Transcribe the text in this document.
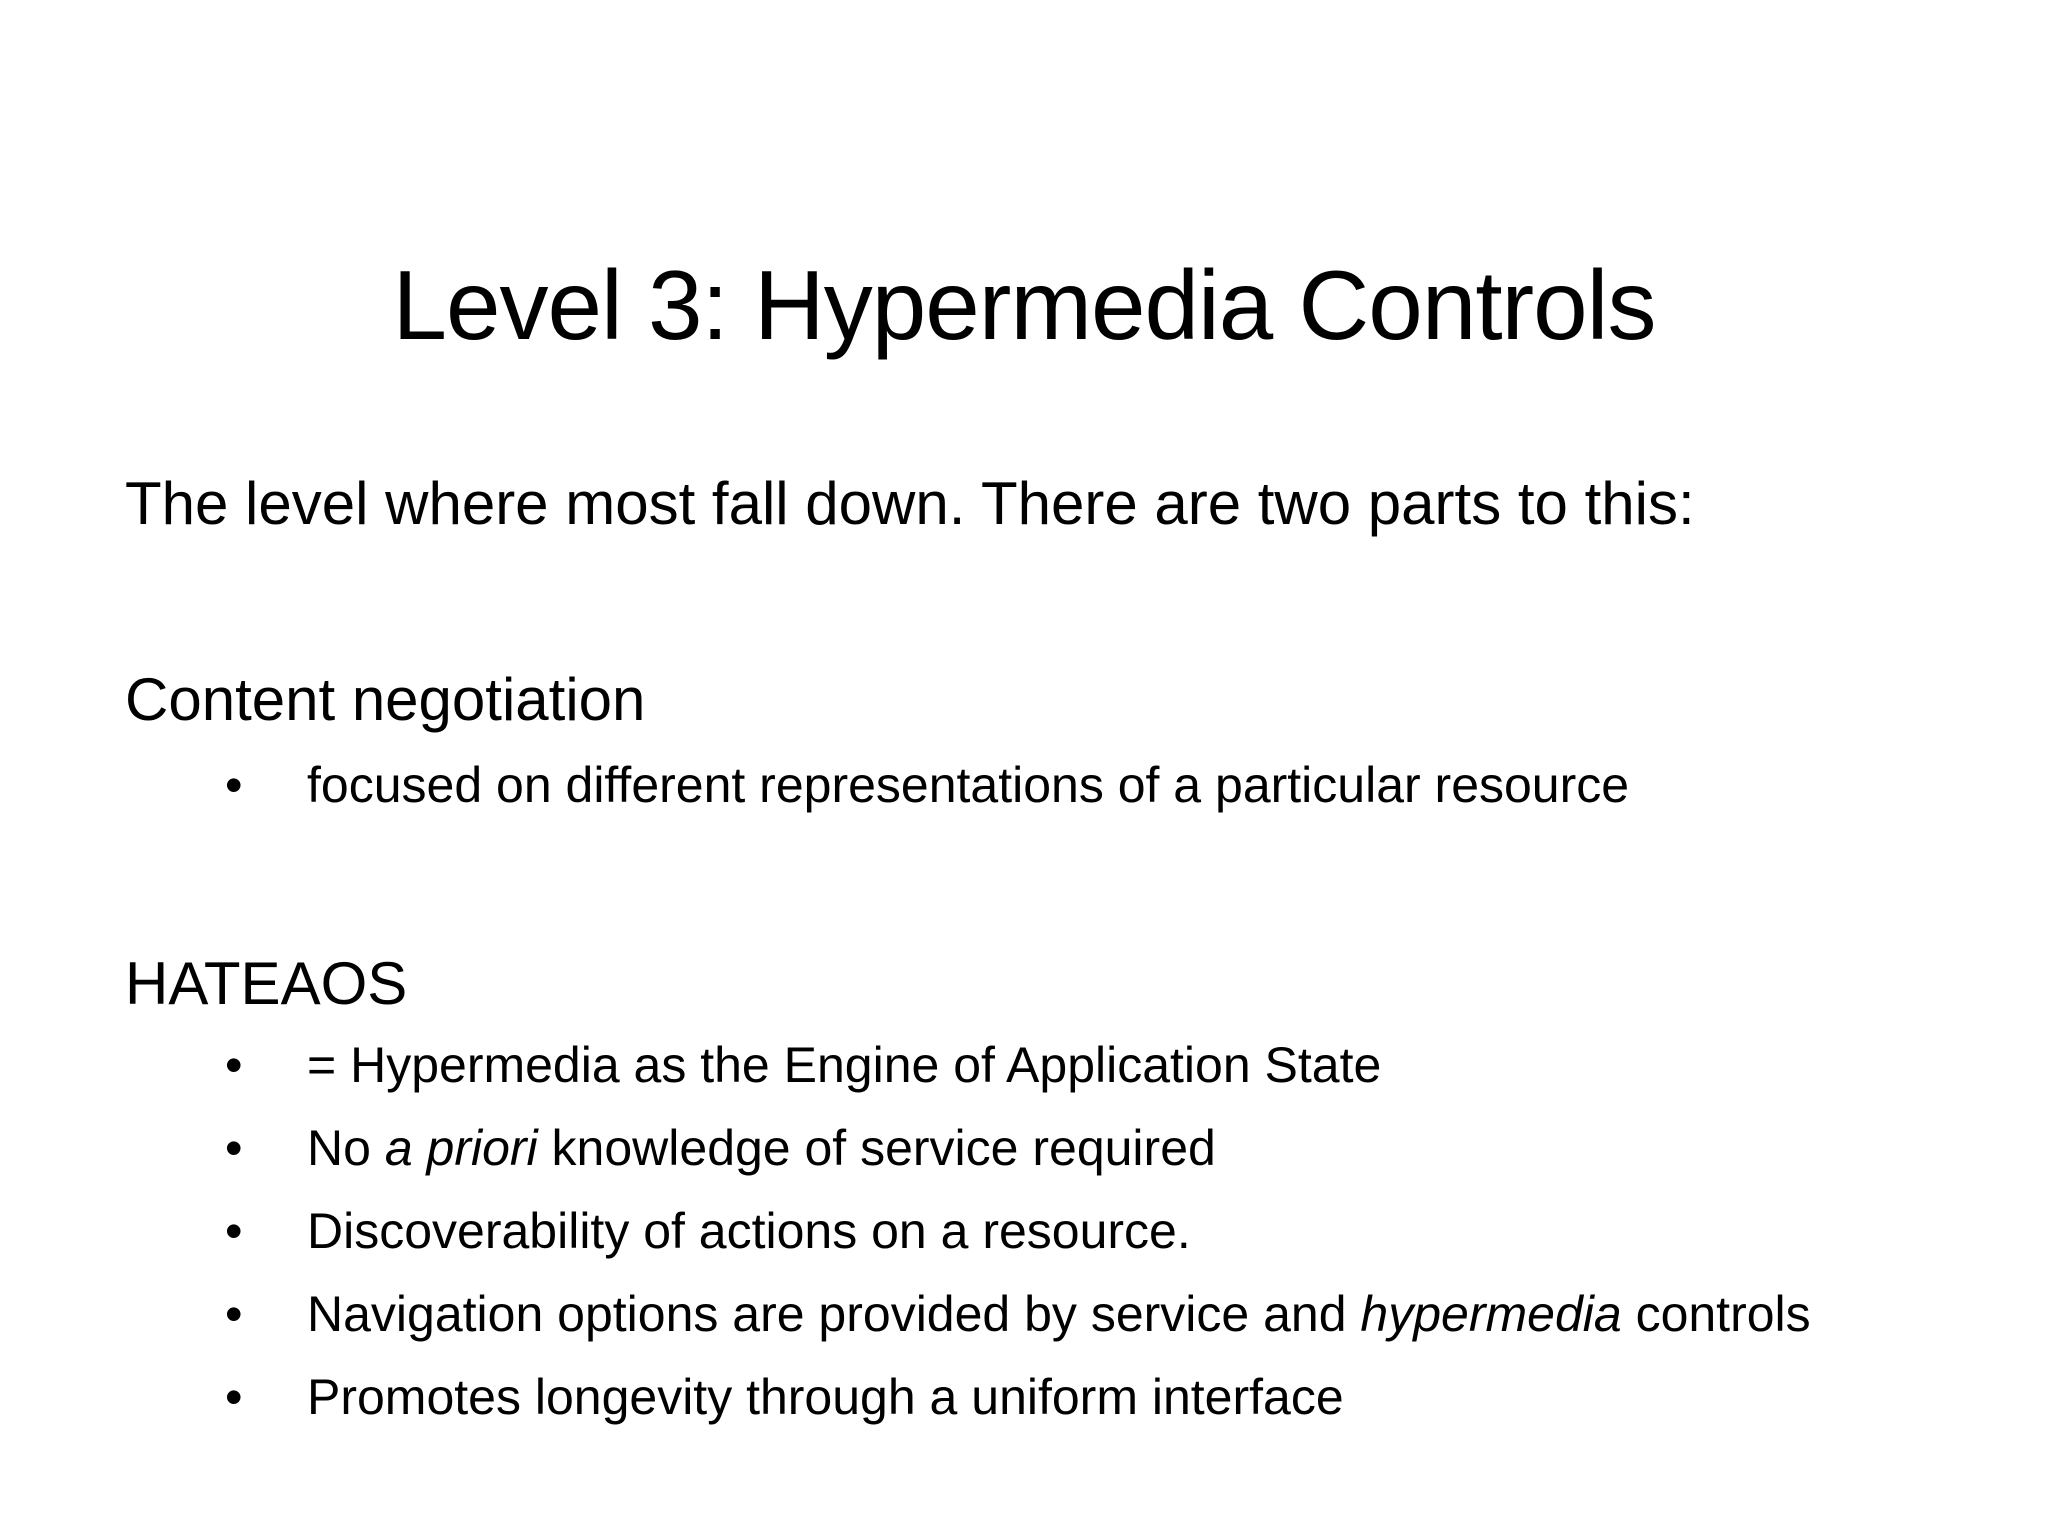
Level 3: Hypermedia Controls

The level where most fall down. There are two parts to this:

Content negotiation

• focused on different representations of a particular resource

HATEAOS

• = Hypermedia as the Engine of Application State
• No a priori knowledge of service required
• Discoverability of actions on a resource.
• Navigation options are provided by service and hypermedia controls
• Promotes longevity through a uniform interface
